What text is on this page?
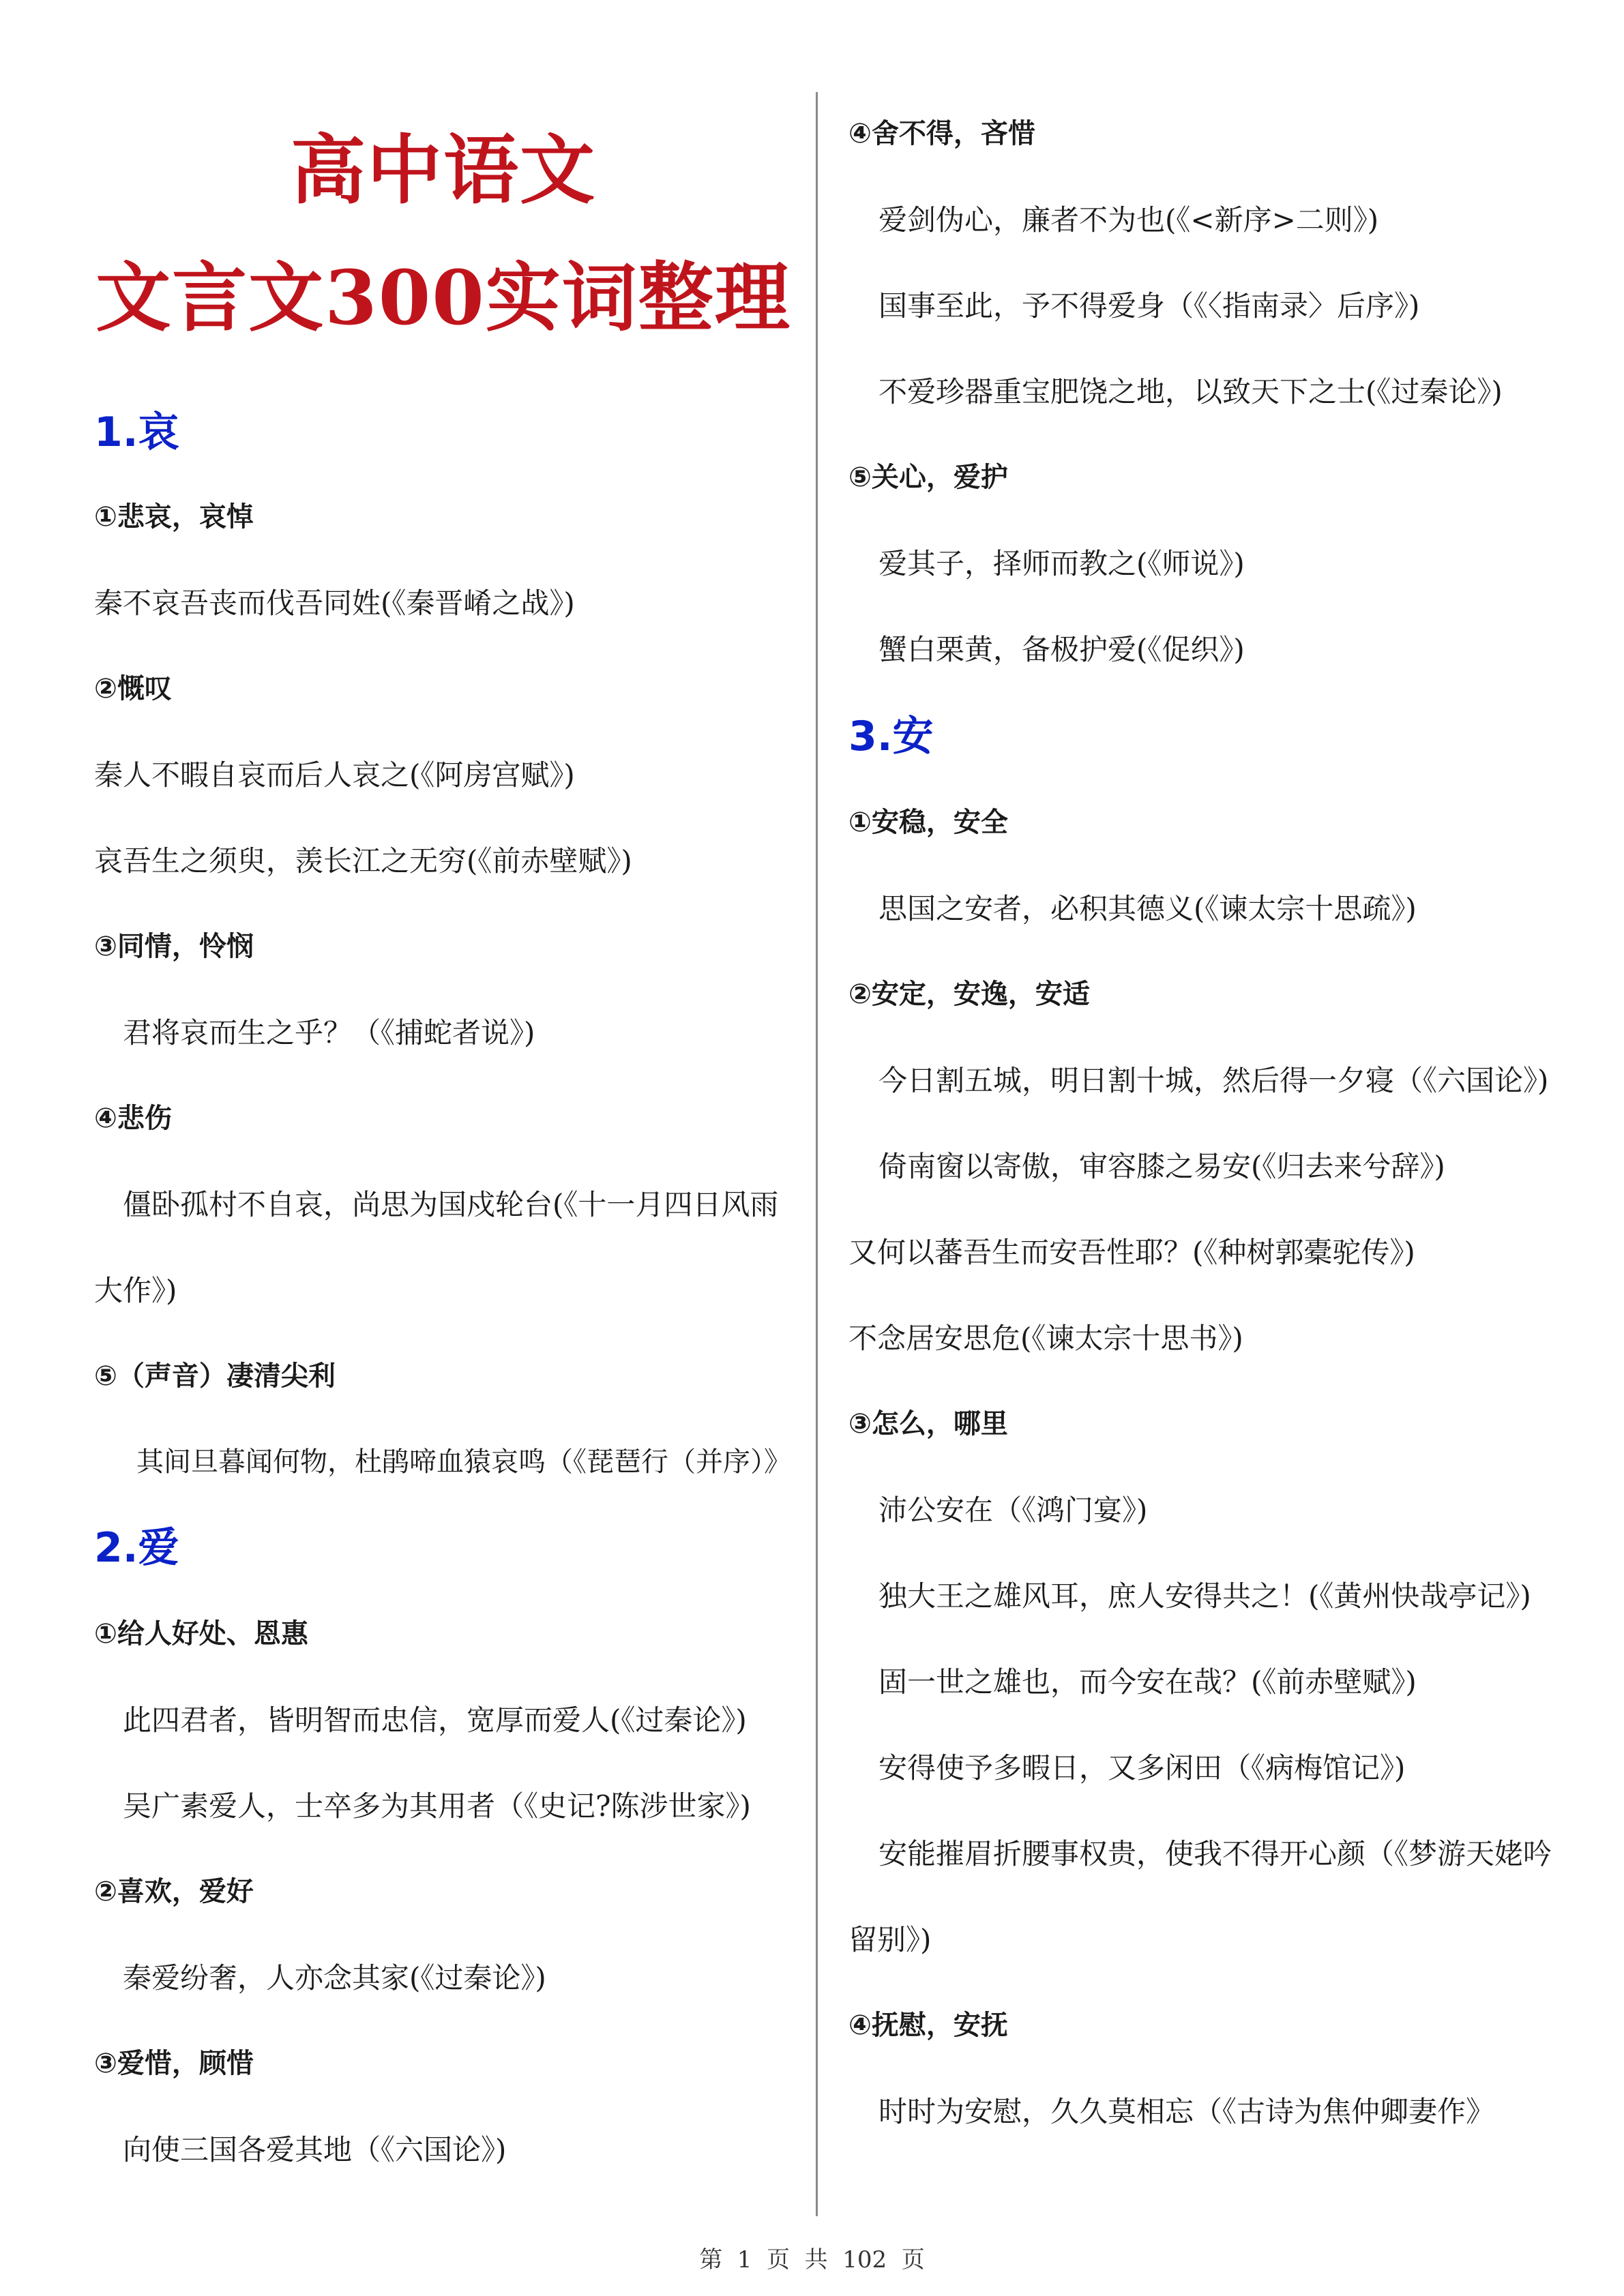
高中语文
文言文300实词整理

1.哀

①悲哀，哀悼

秦不哀吾丧而伐吾同姓(《秦晋崤之战》)

②慨叹

秦人不暇自哀而后人哀之(《阿房宫赋》)

哀吾生之须臾，羡长江之无穷(《前赤壁赋》)

③同情，怜悯

君将哀而生之乎？（《捕蛇者说》)

④悲伤

僵卧孤村不自哀，尚思为国戍轮台(《十一月四日风雨

大作》)

⑤（声音）凄清尖利

其间旦暮闻何物，杜鹃啼血猿哀鸣（《琵琶行（并序）》

2.爱

①给人好处、恩惠

此四君者，皆明智而忠信，宽厚而爱人(《过秦论》)

吴广素爱人，士卒多为其用者（《史记?陈涉世家》)

②喜欢，爱好

秦爱纷奢，人亦念其家(《过秦论》)

③爱惜，顾惜

向使三国各爱其地（《六国论》)

④舍不得，吝惜

爱剑伪心，廉者不为也(《<新序>二则》)

国事至此，予不得爱身（《〈指南录〉后序》)

不爱珍器重宝肥饶之地，以致天下之士(《过秦论》)

⑤关心，爱护

爱其子，择师而教之(《师说》)

蟹白栗黄，备极护爱(《促织》)

3.安

①安稳，安全

思国之安者，必积其德义(《谏太宗十思疏》)

②安定，安逸，安适

今日割五城，明日割十城，然后得一夕寝（《六国论》)

倚南窗以寄傲，审容膝之易安(《归去来兮辞》)

又何以蕃吾生而安吾性耶？(《种树郭橐驼传》)

不念居安思危(《谏太宗十思书》)

③怎么，哪里

沛公安在（《鸿门宴》)

独大王之雄风耳，庶人安得共之！(《黄州快哉亭记》)

固一世之雄也，而今安在哉？(《前赤壁赋》)

安得使予多暇日，又多闲田（《病梅馆记》)

安能摧眉折腰事权贵，使我不得开心颜（《梦游天姥吟

留别》)

④抚慰，安抚

时时为安慰，久久莫相忘（《古诗为焦仲卿妻作》

第  1  页  共  102  页
